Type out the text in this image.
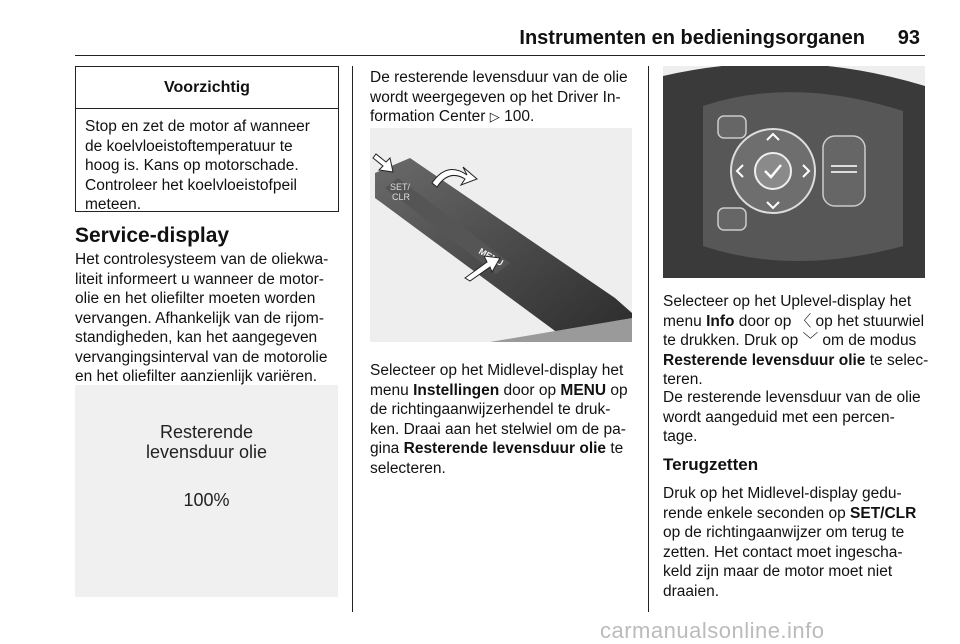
Instrumenten en bedieningsorganen 93
Voorzichtig
Stop en zet de motor af wanneer
de koelvloeistoftemperatuur te
hoog is. Kans op motorschade.
Controleer het koelvloeistofpeil
meteen.
Service-display
Het controlesysteem van de oliekwa-
liteit informeert u wanneer de motor-
olie en het oliefilter moeten worden
vervangen. Afhankelijk van de rijom-
standigheden, kan het aangegeven
vervangingsinterval van de motorolie
en het oliefilter aanzienlijk variëren.
Resterende
levensduur olie
100%
De resterende levensduur van de olie
wordt weergegeven op het Driver In-
formation Center ▷ 100.
SET/
CLR
Selecteer op het Midlevel-display het
menu Instellingen door op MENU op
de richtingaanwijzerhendel te druk-
ken. Draai aan het stelwiel om de pa-
gina Resterende levensduur olie te
selecteren.
Selecteer op het Uplevel-display het
menu Info door op 〈 op het stuurwiel
te drukken. Druk op ﹀ om de modus
Resterende levensduur olie te selec-
teren.
De resterende levensduur van de olie
wordt aangeduid met een percen-
tage.
Terugzetten
Druk op het Midlevel-display gedu-
rende enkele seconden op SET/CLR
op de richtingaanwijzer om terug te
zetten. Het contact moet ingescha-
keld zijn maar de motor moet niet
draaien.
carmanualsonline.info
